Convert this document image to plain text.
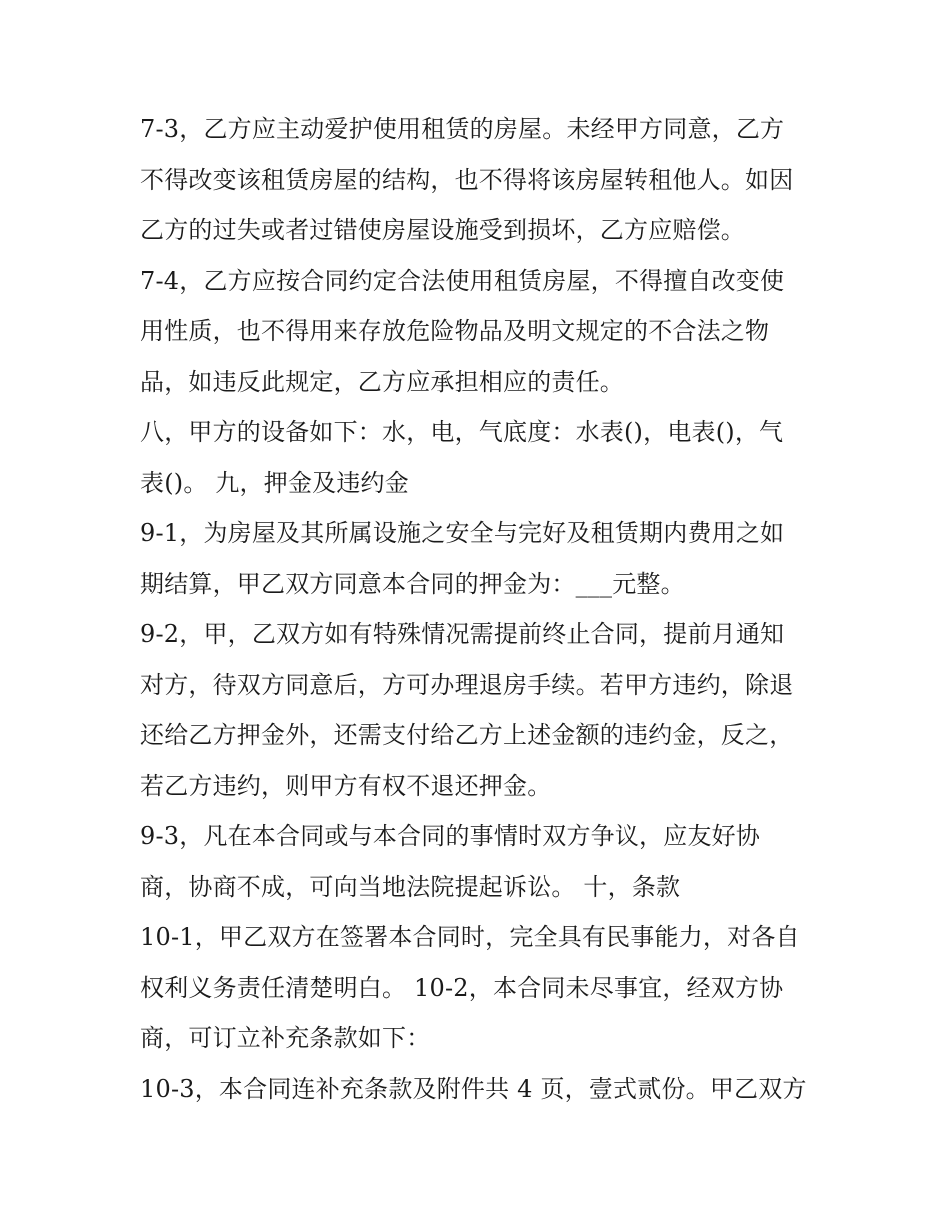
7-3，乙方应主动爱护使用租赁的房屋。未经甲方同意，乙方
不得改变该租赁房屋的结构，也不得将该房屋转租他人。如因
乙方的过失或者过错使房屋设施受到损坏，乙方应赔偿。
7-4，乙方应按合同约定合法使用租赁房屋，不得擅自改变使
用性质，也不得用来存放危险物品及明文规定的不合法之物
品，如违反此规定，乙方应承担相应的责任。
八，甲方的设备如下：水，电，气底度：水表()，电表()，气
表()。 九，押金及违约金
9-1，为房屋及其所属设施之安全与完好及租赁期内费用之如
期结算，甲乙双方同意本合同的押金为：___元整。
9-2，甲，乙双方如有特殊情况需提前终止合同，提前月通知
对方，待双方同意后，方可办理退房手续。若甲方违约，除退
还给乙方押金外，还需支付给乙方上述金额的违约金，反之，
若乙方违约，则甲方有权不退还押金。
9-3，凡在本合同或与本合同的事情时双方争议，应友好协
商，协商不成，可向当地法院提起诉讼。 十，条款
10-1，甲乙双方在签署本合同时，完全具有民事能力，对各自
权利义务责任清楚明白。 10-2，本合同未尽事宜，经双方协
商，可订立补充条款如下：
10-3，本合同连补充条款及附件共 4 页，壹式贰份。甲乙双方
